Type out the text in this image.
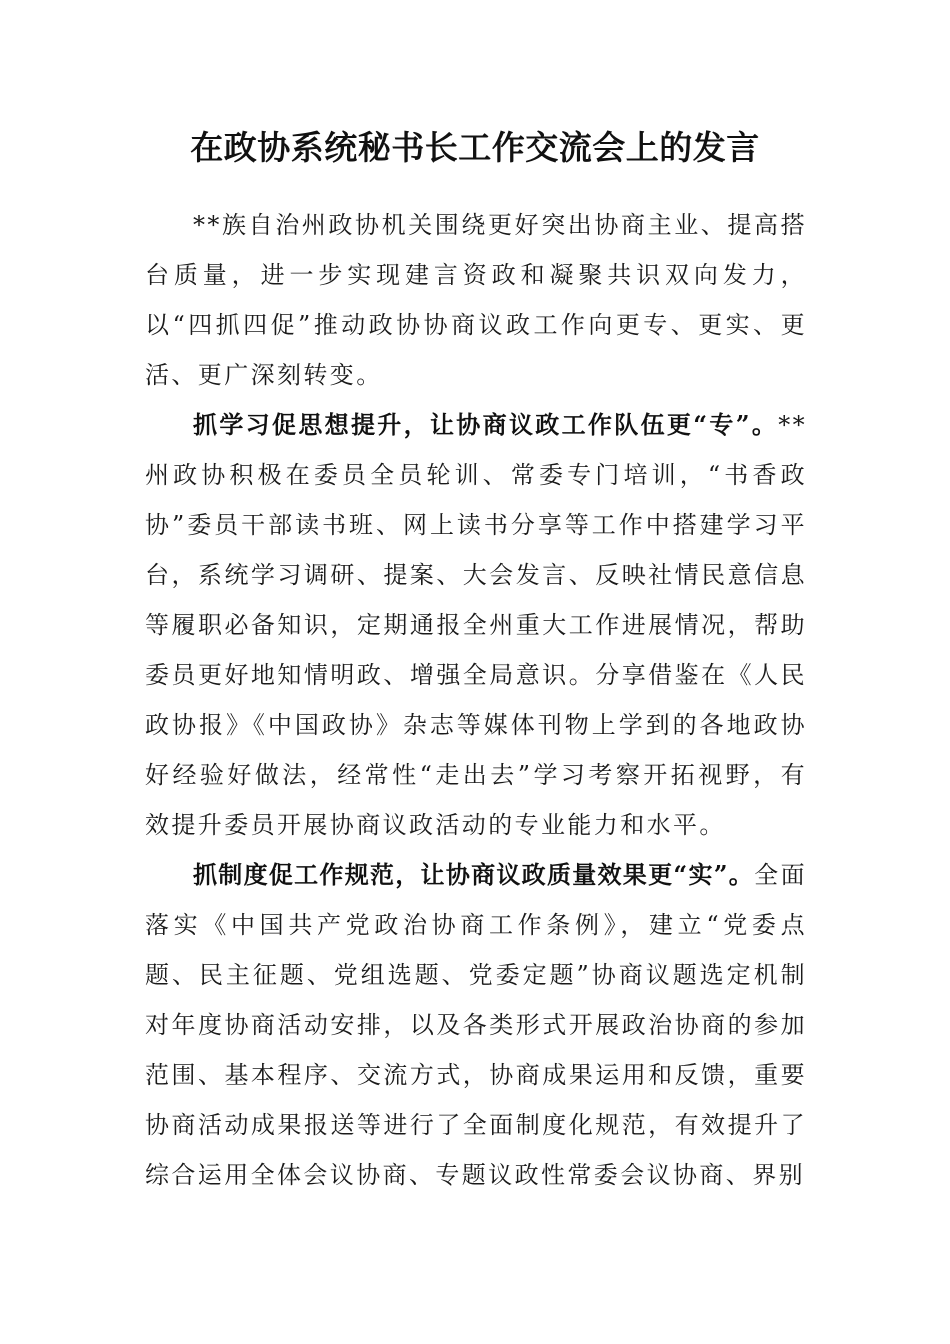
在政协系统秘书长工作交流会上的发言

**族自治州政协机关围绕更好突出协商主业、提高搭台质量，进一步实现建言资政和凝聚共识双向发力，以“四抓四促”推动政协协商议政工作向更专、更实、更活、更广深刻转变。

抓学习促思想提升，让协商议政工作队伍更“专”。**州政协积极在委员全员轮训、常委专门培训，“书香政协”委员干部读书班、网上读书分享等工作中搭建学习平台，系统学习调研、提案、大会发言、反映社情民意信息等履职必备知识，定期通报全州重大工作进展情况，帮助委员更好地知情明政、增强全局意识。分享借鉴在《人民政协报》《中国政协》杂志等媒体刊物上学到的各地政协好经验好做法，经常性“走出去”学习考察开拓视野，有效提升委员开展协商议政活动的专业能力和水平。

抓制度促工作规范，让协商议政质量效果更“实”。全面落实《中国共产党政治协商工作条例》，建立“党委点题、民主征题、党组选题、党委定题”协商议题选定机制对年度协商活动安排，以及各类形式开展政治协商的参加范围、基本程序、交流方式，协商成果运用和反馈，重要协商活动成果报送等进行了全面制度化规范，有效提升了综合运用全体会议协商、专题议政性常委会议协商、界别
